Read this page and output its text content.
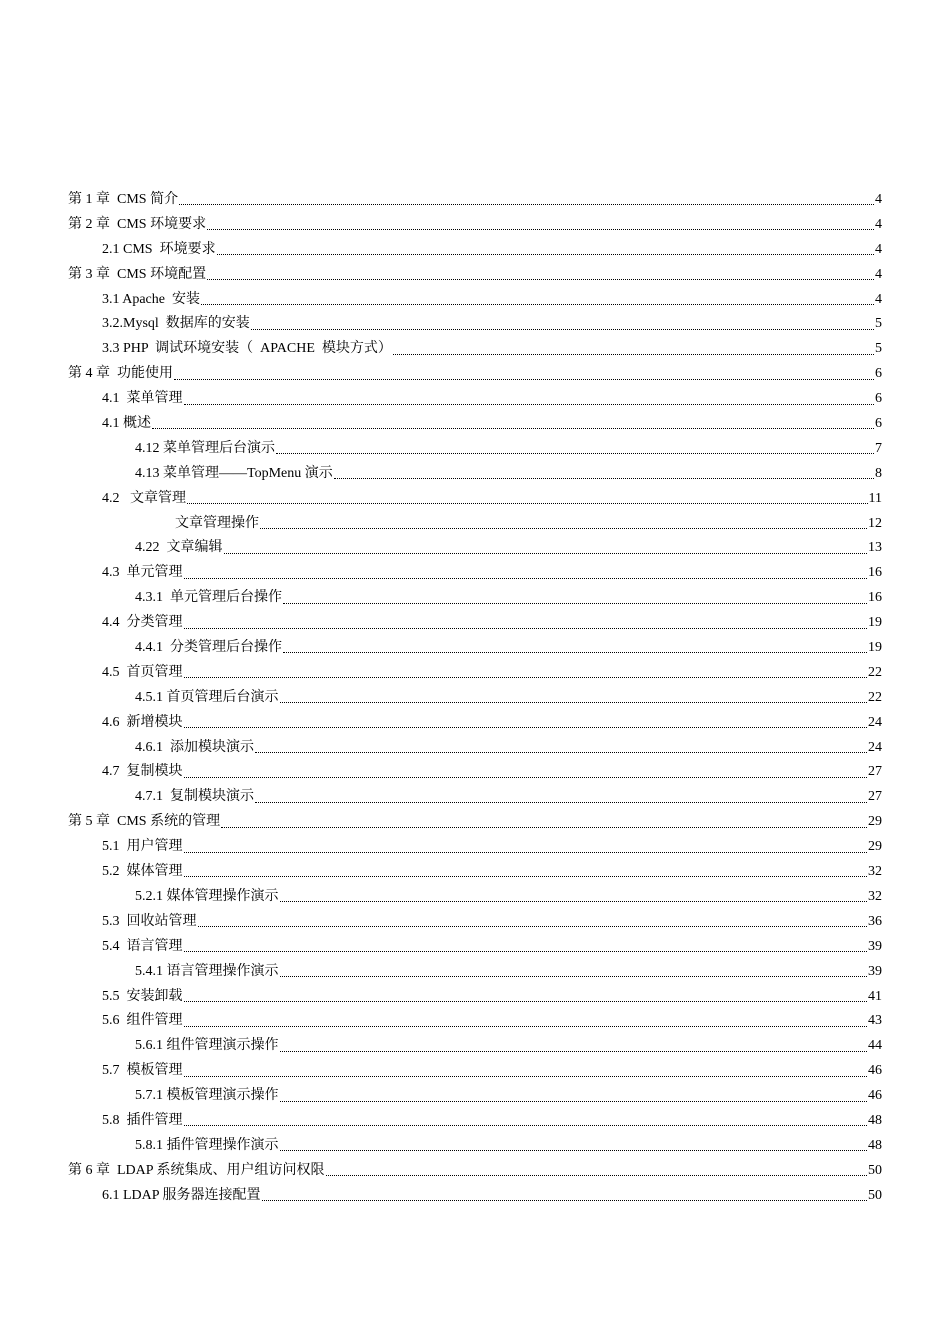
第 1 章  CMS 简介	4
第 2 章  CMS 环境要求	4
2.1 CMS  环境要求	4
第 3 章  CMS 环境配置	4
3.1 Apache  安装	4
3.2.Mysql  数据库的安装	5
3.3 PHP  调试环境安装（  APACHE  模块方式）	5
第 4 章  功能使用	6
4.1  菜单管理	6
4.1 概述	6
4.12 菜单管理后台演示	7
4.13 菜单管理——TopMenu 演示	8
4.2   文章管理	11
文章管理操作	12
4.22  文章编辑	13
4.3  单元管理	16
4.3.1  单元管理后台操作	16
4.4  分类管理	19
4.4.1  分类管理后台操作	19
4.5  首页管理	22
4.5.1 首页管理后台演示	22
4.6  新增模块	24
4.6.1  添加模块演示	24
4.7  复制模块	27
4.7.1  复制模块演示	27
第 5 章  CMS 系统的管理	29
5.1  用户管理	29
5.2  媒体管理	32
5.2.1 媒体管理操作演示	32
5.3  回收站管理	36
5.4  语言管理	39
5.4.1 语言管理操作演示	39
5.5  安装卸载	41
5.6  组件管理	43
5.6.1 组件管理演示操作	44
5.7  模板管理	46
5.7.1 模板管理演示操作	46
5.8  插件管理	48
5.8.1 插件管理操作演示	48
第 6 章  LDAP 系统集成、用户组访问权限	50
6.1 LDAP 服务器连接配置	50
